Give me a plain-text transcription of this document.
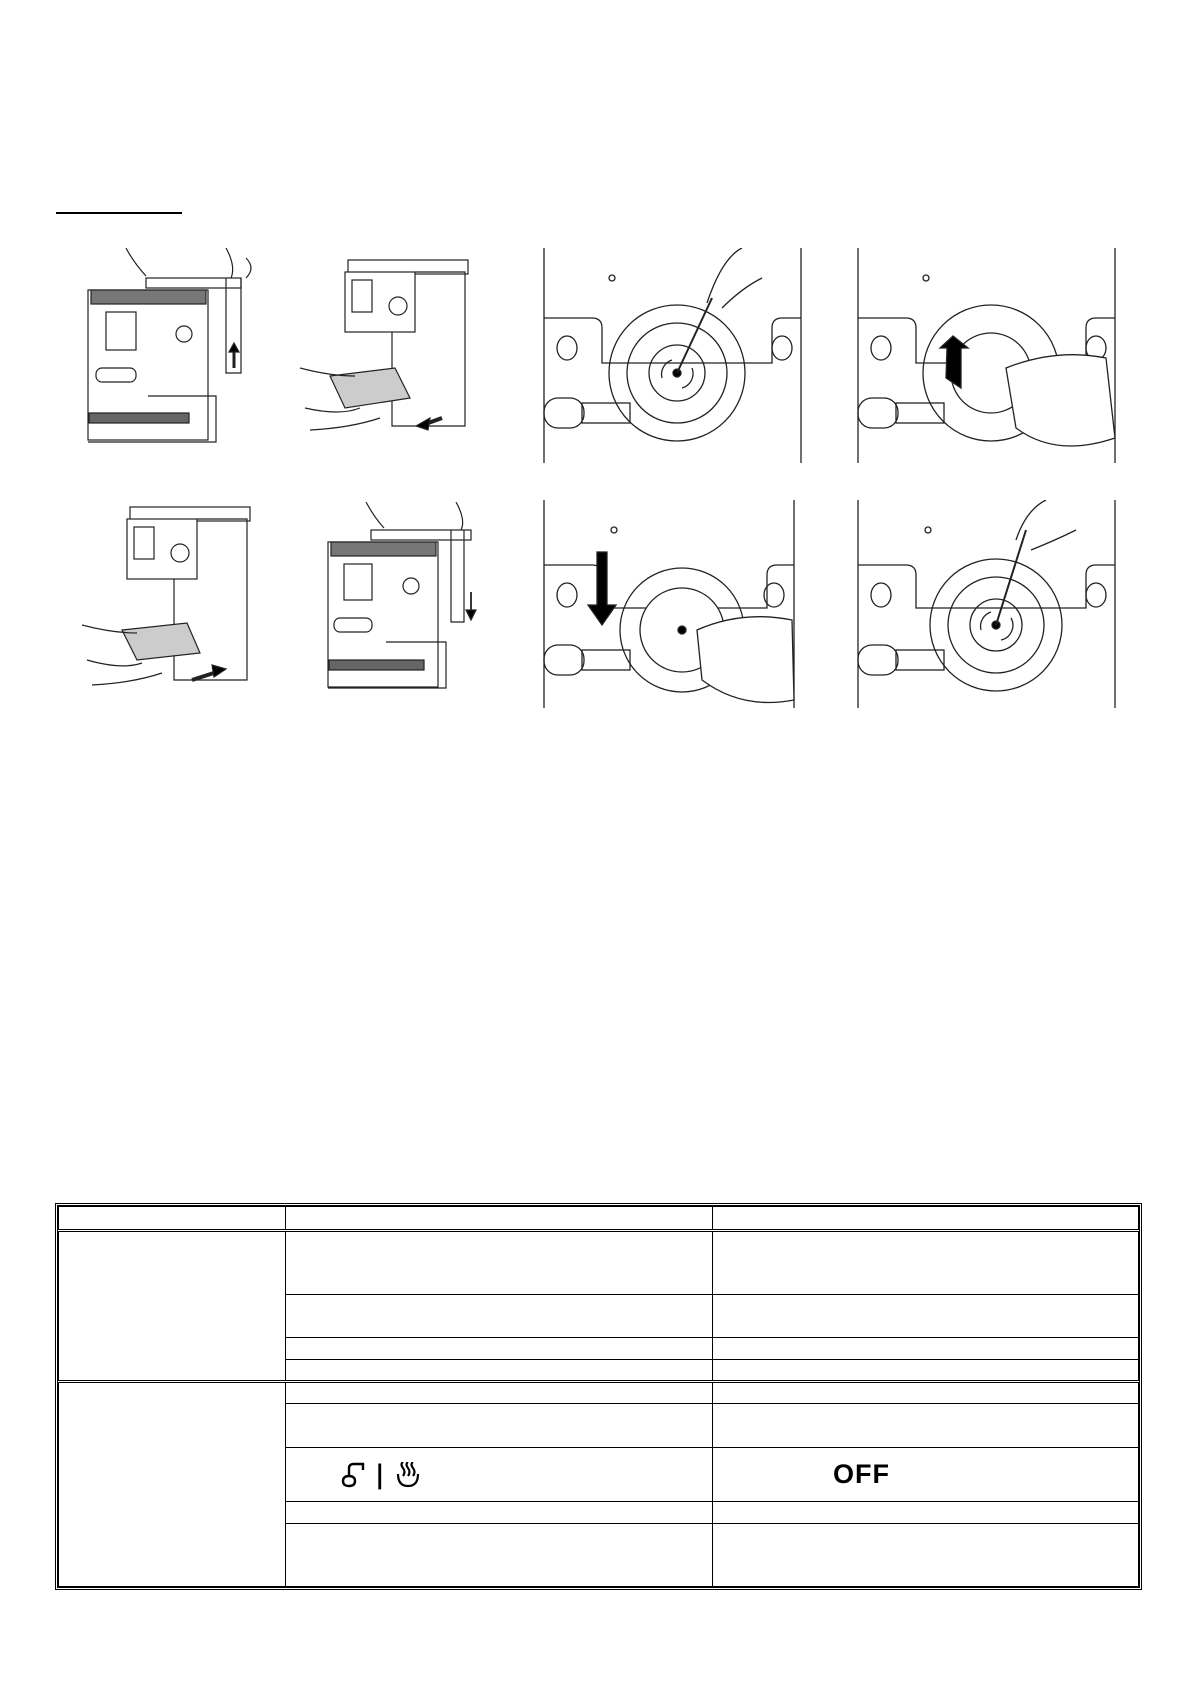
	|	OFF
